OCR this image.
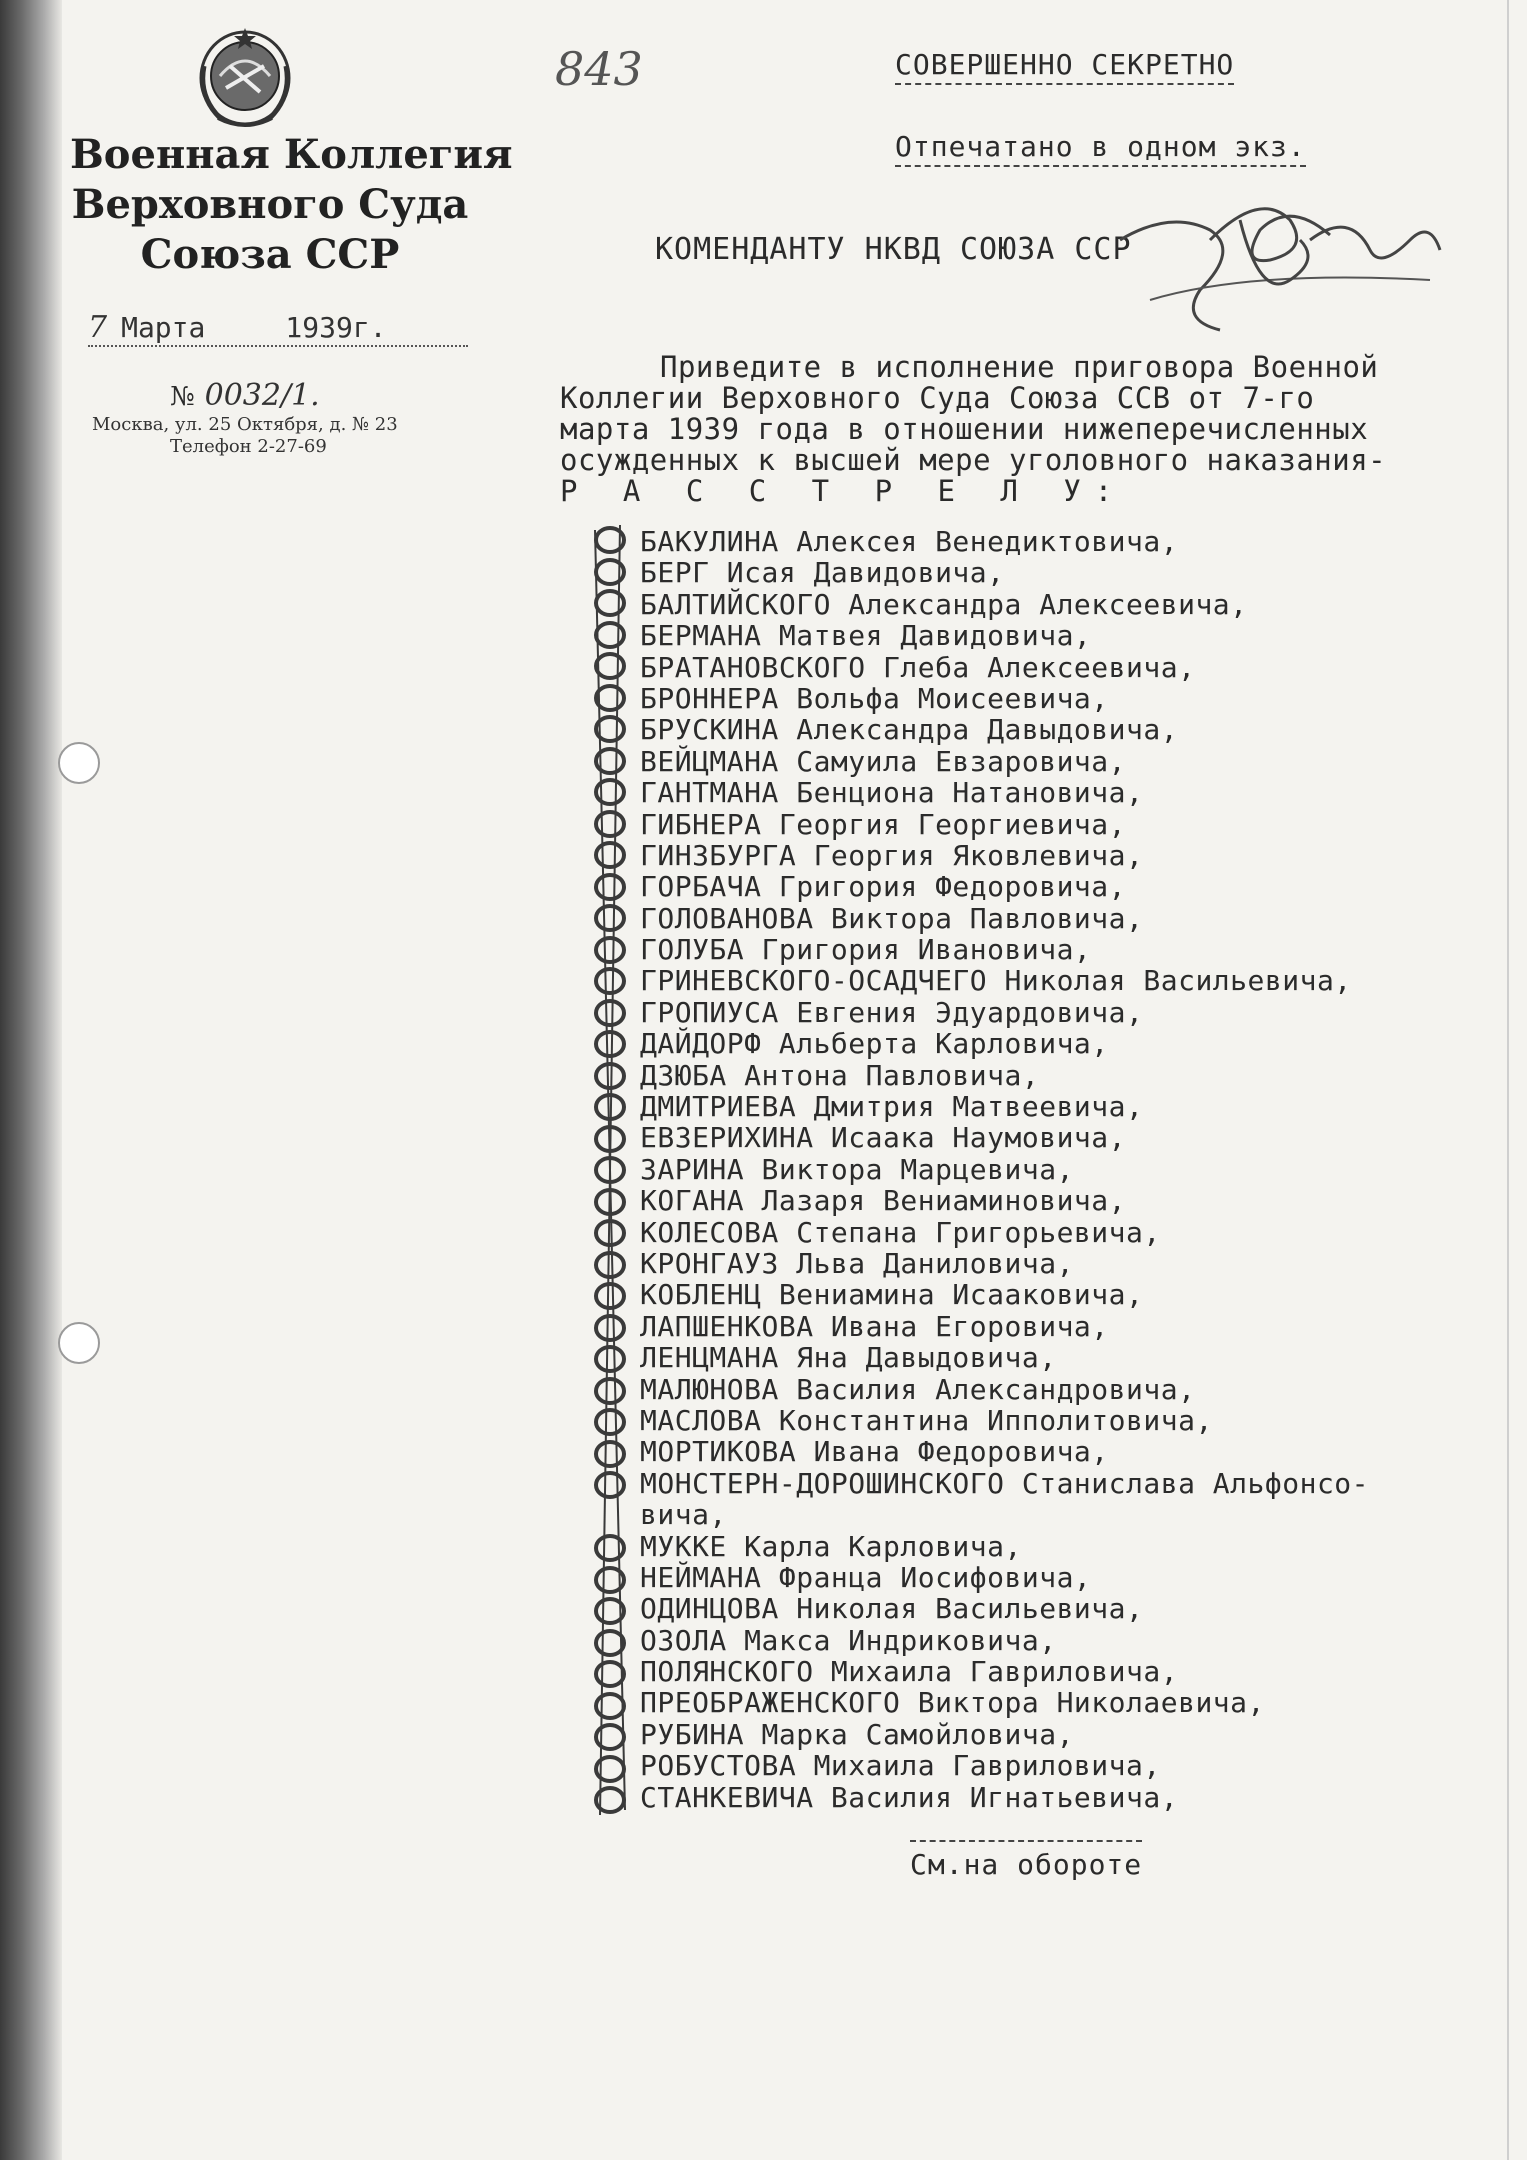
Военная Коллегия
Верховного Суда
Союза ССР
7 Марта	1939г.
№ 0032/1.
Москва, ул. 25 Октября, д. № 23
Телефон 2-27-69
843	СОВЕРШЕННО СЕКРЕТНО
Отпечатано в одном экз.
КОМЕНДАНТУ НКВД СОЮЗА ССР
Приведите в исполнение приговора Военной
Коллегии Верховного Суда Союза ССВ от 7-го
марта 1939 года в отношении нижеперечисленных
осужденных к высшей мере уголовного наказания-
Р А С С Т Р Е Л У:
БАКУЛИНА Алексея Венедиктовича,
БЕРГ Исая Давидовича,
БАЛТИЙСКОГО Александра Алексеевича,
БЕРМАНА Матвея Давидовича,
БРАТАНОВСКОГО Глеба Алексеевича,
БРОННЕРА Вольфа Моисеевича,
БРУСКИНА Александра Давыдовича,
ВЕЙЦМАНА Самуила Евзаровича,
ГАНТМАНА Бенциона Натановича,
ГИБНЕРА Георгия Георгиевича,
ГИНЗБУРГА Георгия Яковлевича,
ГОРБАЧА Григория Федоровича,
ГОЛОВАНОВА Виктора Павловича,
ГОЛУБА Григория Ивановича,
ГРИНЕВСКОГО-ОСАДЧЕГО Николая Васильевича,
ГРОПИУСА Евгения Эдуардовича,
ДАЙДОРФ Альберта Карловича,
ДЗЮБА Антона Павловича,
ДМИТРИЕВА Дмитрия Матвеевича,
ЕВЗЕРИХИНА Исаака Наумовича,
ЗАРИНА Виктора Марцевича,
КОГАНА Лазаря Вениаминовича,
КОЛЕСОВА Степана Григорьевича,
КРОНГАУЗ Льва Даниловича,
КОБЛЕНЦ Вениамина Исааковича,
ЛАПШЕНКОВА Ивана Егоровича,
ЛЕНЦМАНА Яна Давыдовича,
МАЛЮНОВА Василия Александровича,
МАСЛОВА Константина Ипполитовича,
МОРТИКОВА Ивана Федоровича,
МОНСТЕРН-ДОРОШИНСКОГО Станислава Альфонсо-
вича,
МУККЕ Карла Карловича,
НЕЙМАНА Франца Иосифовича,
ОДИНЦОВА Николая Васильевича,
ОЗОЛА Макса Индриковича,
ПОЛЯНСКОГО Михаила Гавриловича,
ПРЕОБРАЖЕНСКОГО Виктора Николаевича,
РУБИНА Марка Самойловича,
РОБУСТОВА Михаила Гавриловича,
СТАНКЕВИЧА Василия Игнатьевича,
См.на обороте
